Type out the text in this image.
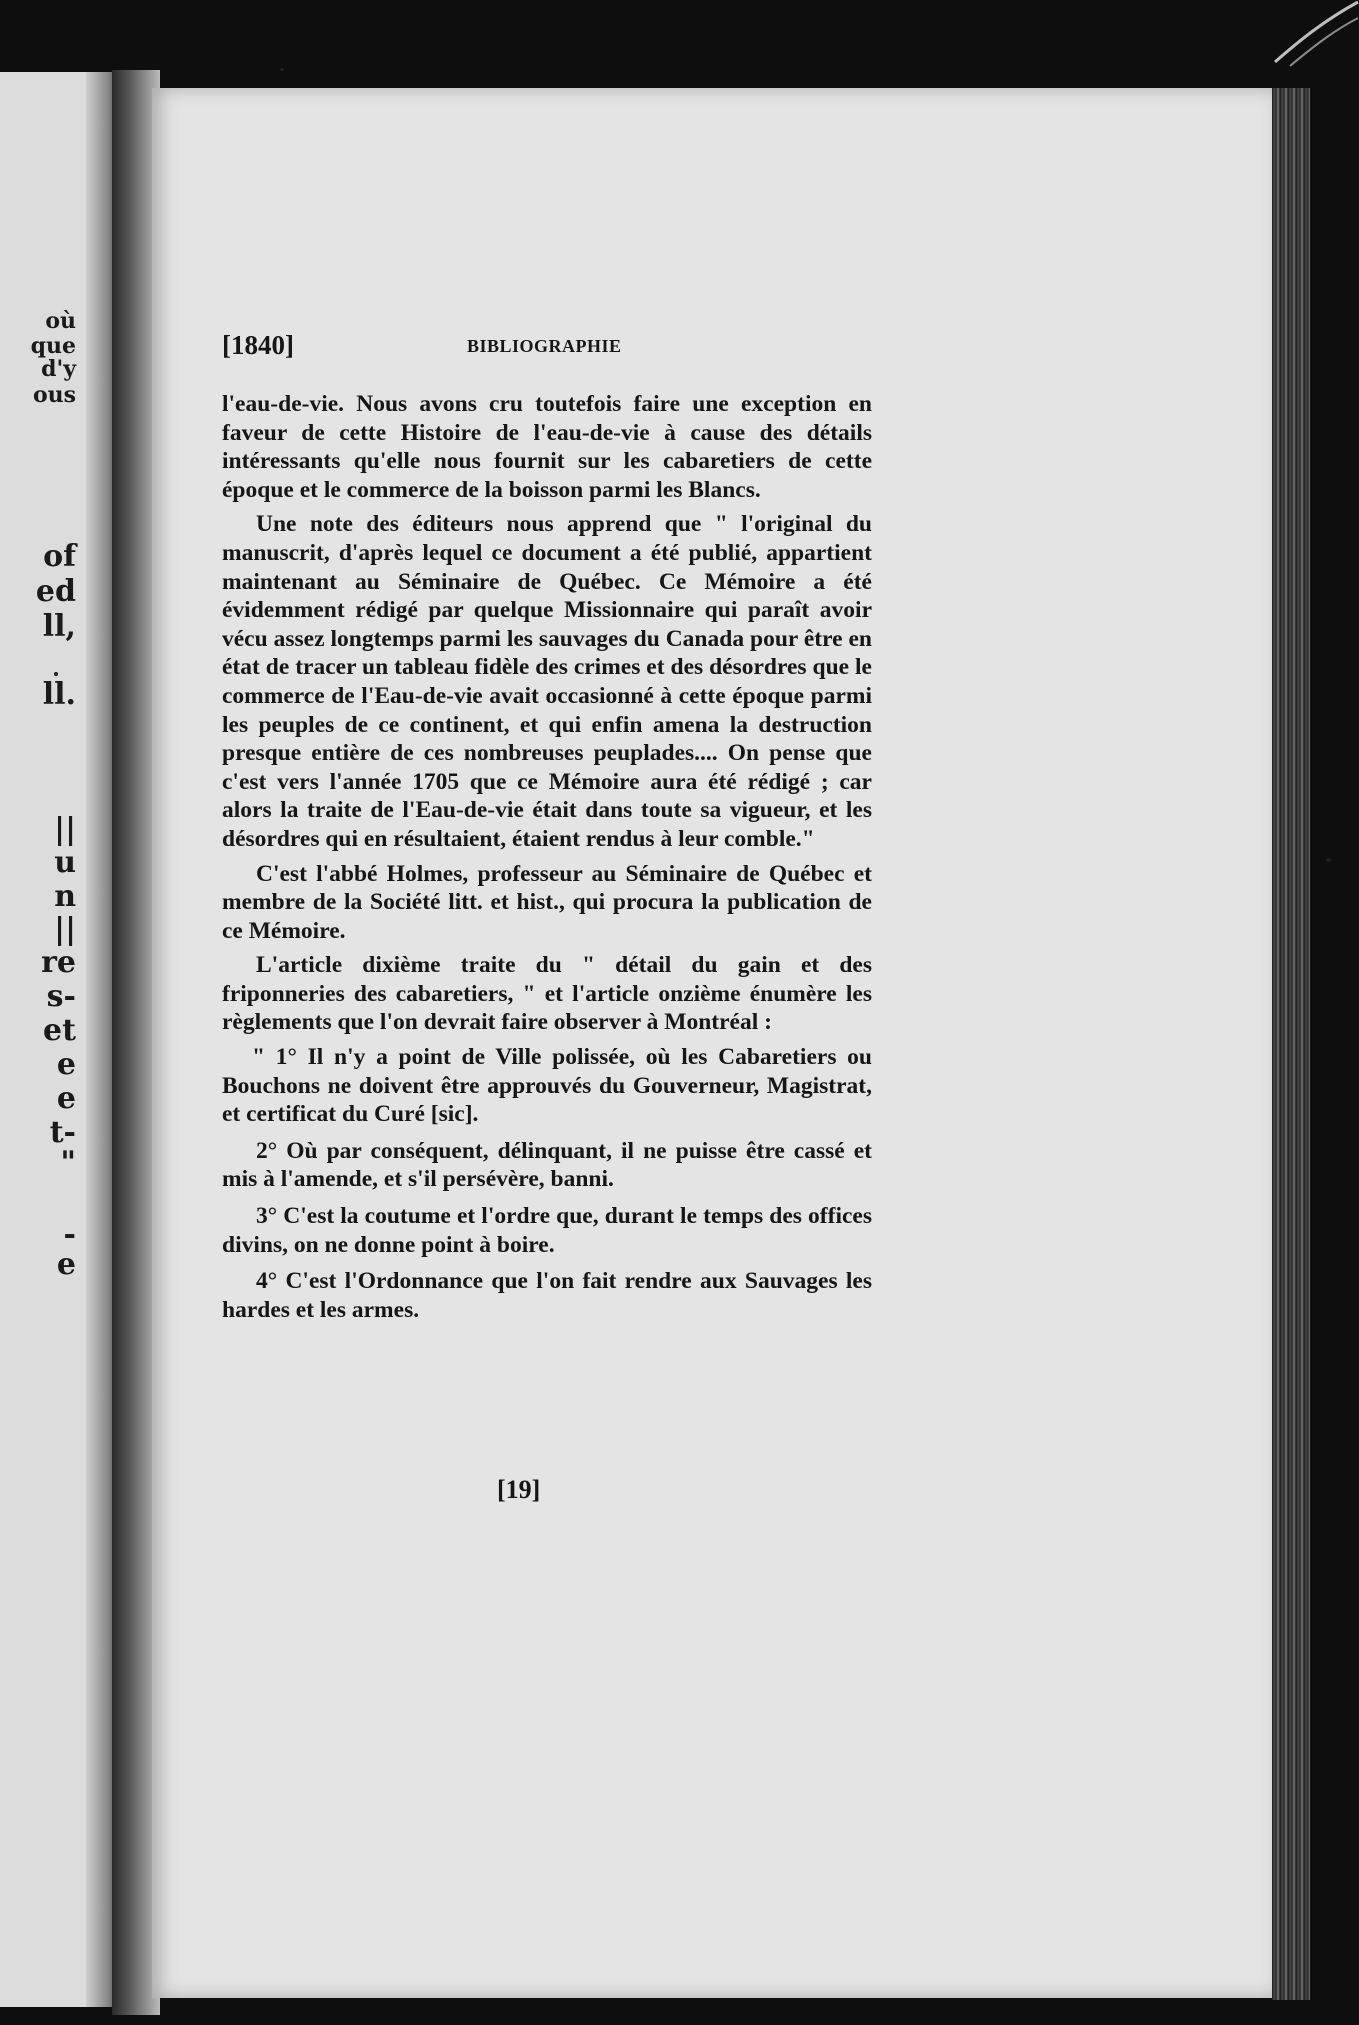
où
que
d'y
ous
of
ed
ll,
ll.
||
u
n
||
re
s-
et
e
e
t-
"
-
e
[1840]	BIBLIOGRAPHIE

l'eau-de-vie. Nous avons cru toutefois faire une exception en faveur de cette Histoire de l'eau-de-vie à cause des détails intéressants qu'elle nous fournit sur les cabaretiers de cette époque et le commerce de la boisson parmi les Blancs.

Une note des éditeurs nous apprend que " l'original du manuscrit, d'après lequel ce document a été publié, appartient maintenant au Séminaire de Québec. Ce Mémoire a été évidemment rédigé par quelque Missionnaire qui paraît avoir vécu assez longtemps parmi les sauvages du Canada pour être en état de tracer un tableau fidèle des crimes et des désordres que le commerce de l'Eau-de-vie avait occasionné à cette époque parmi les peuples de ce continent, et qui enfin amena la destruction presque entière de ces nombreuses peuplades.... On pense que c'est vers l'année 1705 que ce Mémoire aura été rédigé ; car alors la traite de l'Eau-de-vie était dans toute sa vigueur, et les désordres qui en résultaient, étaient rendus à leur comble."

C'est l'abbé Holmes, professeur au Séminaire de Québec et membre de la Société litt. et hist., qui procura la publication de ce Mémoire.

L'article dixième traite du " détail du gain et des friponneries des cabaretiers, " et l'article onzième énumère les règlements que l'on devrait faire observer à Montréal :

" 1° Il n'y a point de Ville polissée, où les Cabaretiers ou Bouchons ne doivent être approuvés du Gouverneur, Magistrat, et certificat du Curé [sic].

2° Où par conséquent, délinquant, il ne puisse être cassé et mis à l'amende, et s'il persévère, banni.

3° C'est la coutume et l'ordre que, durant le temps des offices divins, on ne donne point à boire.

4° C'est l'Ordonnance que l'on fait rendre aux Sauvages les hardes et les armes.

[19]
